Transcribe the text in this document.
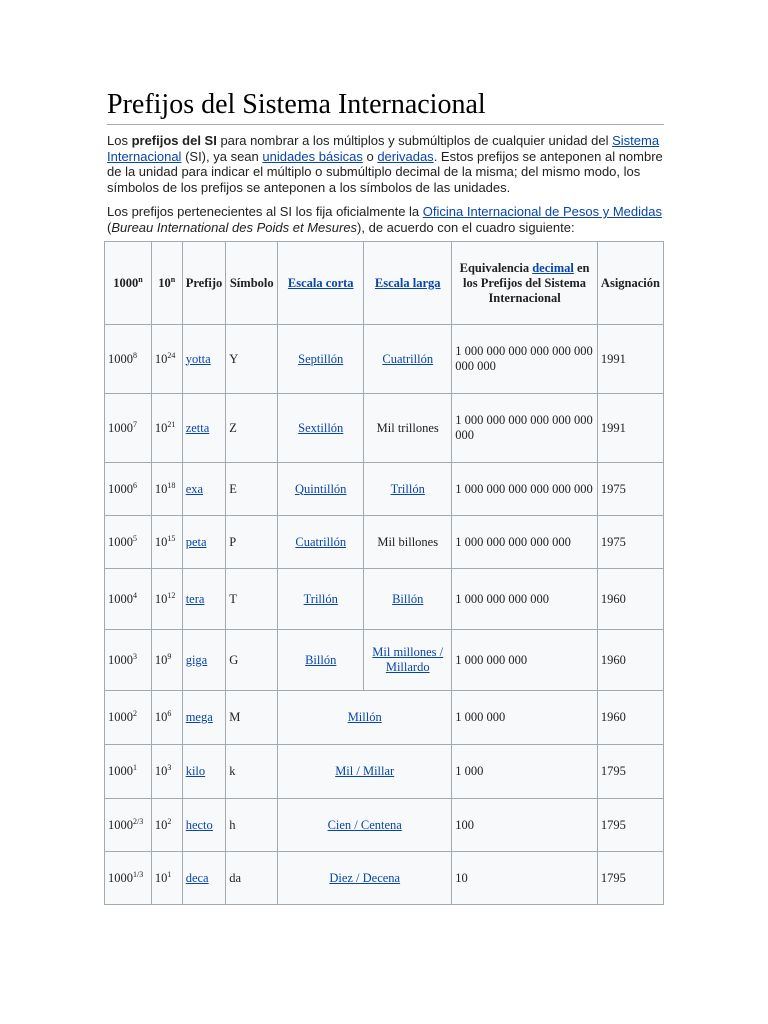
Prefijos del Sistema Internacional

Los prefijos del SI para nombrar a los múltiplos y submúltiplos de cualquier unidad del Sistema Internacional (SI), ya sean unidades básicas o derivadas. Estos prefijos se anteponen al nombre de la unidad para indicar el múltiplo o submúltiplo decimal de la misma; del mismo modo, los símbolos de los prefijos se anteponen a los símbolos de las unidades.

Los prefijos pertenecientes al SI los fija oficialmente la Oficina Internacional de Pesos y Medidas (Bureau International des Poids et Mesures), de acuerdo con el cuadro siguiente:

1000$^n$	10$^n$	Prefijo	Símbolo	Escala corta	Escala larga	Equivalencia decimal en los Prefijos del Sistema Internacional	Asignación
1000$^8$	$10^{24}$	yotta	Y	Septillón	Cuatrillón	1 000 000 000 000 000 000 000 000	1991
1000$^7$	$10^{21}$	zetta	Z	Sextillón	Mil trillones	1 000 000 000 000 000 000 000	1991
1000$^6$	$10^{18}$	exa	E	Quintillón	Trillón	1 000 000 000 000 000 000	1975
1000$^5$	$10^{15}$	peta	P	Cuatrillón	Mil billones	1 000 000 000 000 000	1975
1000$^4$	$10^{12}$	tera	T	Trillón	Billón	1 000 000 000 000	1960
1000$^3$	$10^9$	giga	G	Billón	Mil millones / Millardo	1 000 000 000	1960
1000$^2$	$10^6$	mega	M	Millón		1 000 000	1960
1000$^1$	$10^3$	kilo	k	Mil / Millar		1 000	1795
$1000^{2/3}$	$10^2$	hecto	h	Cien / Centena		100	1795
$1000^{1/3}$	$10^1$	deca	da	Diez / Decena		10	1795
